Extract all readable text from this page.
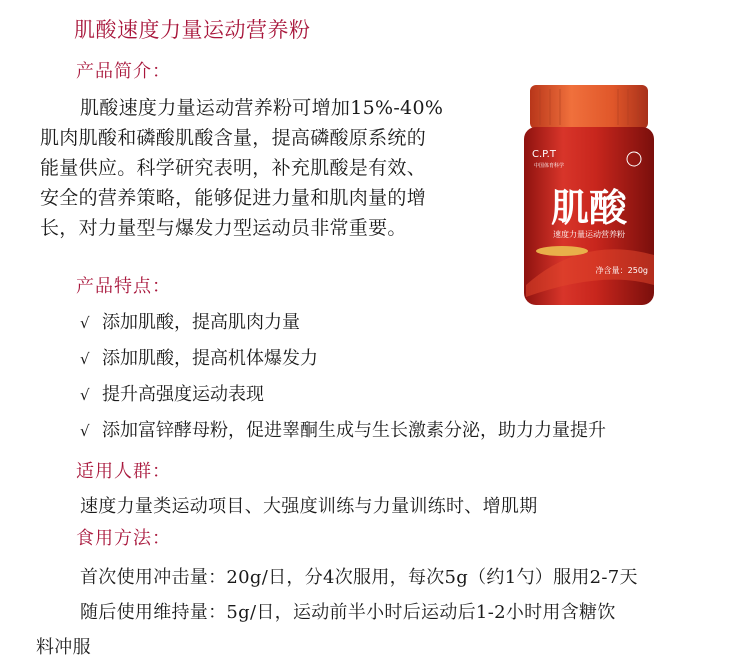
肌酸速度力量运动营养粉
产品简介：
肌酸速度力量运动营养粉可增加15%-40%
肌肉肌酸和磷酸肌酸含量，提高磷酸原系统的
能量供应。科学研究表明，补充肌酸是有效、
安全的营养策略，能够促进力量和肌肉量的增
长，对力量型与爆发力型运动员非常重要。
C.P.T
中国体育科学
肌酸
速度力量运动营养粉
净含量：250g
产品特点：
√ 添加肌酸，提高肌肉力量
√ 添加肌酸，提高机体爆发力
√ 提升高强度运动表现
√ 添加富锌酵母粉，促进睾酮生成与生长激素分泌，助力力量提升
适用人群：
速度力量类运动项目、大强度训练与力量训练时、增肌期
食用方法：
首次使用冲击量：20g/日，分4次服用，每次5g（约1勺）服用2-7天
随后使用维持量：5g/日，运动前半小时后运动后1-2小时用含糖饮
料冲服
